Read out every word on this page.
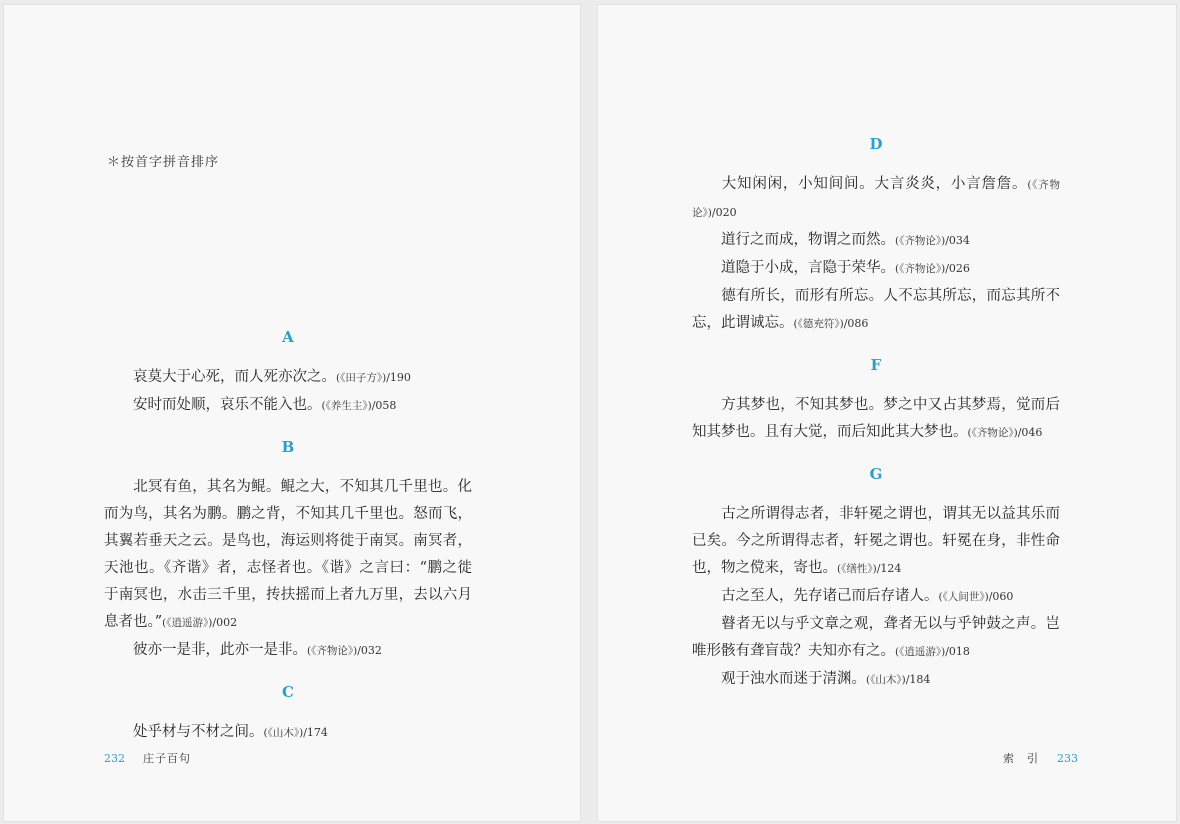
＊按首字拼音排序
A

哀莫大于心死，而人死亦次之。(《田子方》)/190

安时而处顺，哀乐不能入也。(《养生主》)/058

B

北冥有鱼，其名为鲲。鲲之大，不知其几千里也。化而为鸟，其名为鹏。鹏之背，不知其几千里也。怒而飞，其翼若垂天之云。是鸟也，海运则将徙于南冥。南冥者，天池也。《齐谐》者，志怪者也。《谐》之言曰：“鹏之徙于南冥也，水击三千里，抟扶摇而上者九万里，去以六月息者也。”(《逍遥游》)/002

彼亦一是非，此亦一是非。(《齐物论》)/032

C

处乎材与不材之间。(《山木》)/174

232 庄子百句
D

大知闲闲，小知间间。大言炎炎，小言詹詹。(《齐物论》)/020

道行之而成，物谓之而然。(《齐物论》)/034

道隐于小成，言隐于荣华。(《齐物论》)/026

德有所长，而形有所忘。人不忘其所忘，而忘其所不忘，此谓诚忘。(《德充符》)/086

F

方其梦也，不知其梦也。梦之中又占其梦焉，觉而后知其梦也。且有大觉，而后知此其大梦也。(《齐物论》)/046

G

古之所谓得志者，非轩冕之谓也，谓其无以益其乐而已矣。今之所谓得志者，轩冕之谓也。轩冕在身，非性命也，物之傥来，寄也。(《缮性》)/124

古之至人，先存诸己而后存诸人。(《人间世》)/060

瞽者无以与乎文章之观，聋者无以与乎钟鼓之声。岂唯形骸有聋盲哉？夫知亦有之。(《逍遥游》)/018

观于浊水而迷于清渊。(《山木》)/184

索　引 233
